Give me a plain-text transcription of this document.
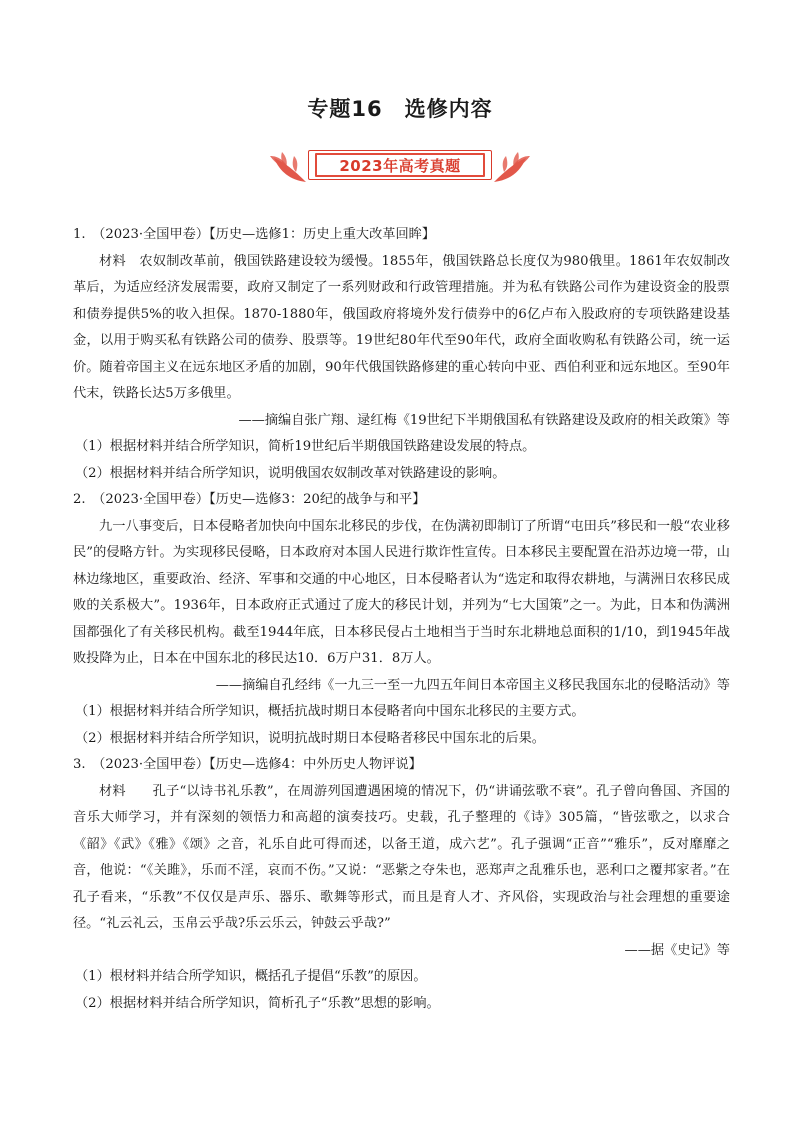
专题16　选修内容
2023年高考真题

1.　（2023·全国甲卷）【历史—选修1：历史上重大改革回眸】

材料　农奴制改革前，俄国铁路建设较为缓慢。1855年，俄国铁路总长度仅为980俄里。1861年农奴制改革后，为适应经济发展需要，政府又制定了一系列财政和行政管理措施。并为私有铁路公司作为建设资金的股票和债券提供5%的收入担保。1870-1880年，俄国政府将境外发行债券中的6亿卢布入股政府的专项铁路建设基金，以用于购买私有铁路公司的债券、股票等。19世纪80年代至90年代，政府全面收购私有铁路公司，统一运价。随着帝国主义在远东地区矛盾的加剧，90年代俄国铁路修建的重心转向中亚、西伯利亚和远东地区。至90年代末，铁路长达5万多俄里。

——摘编自张广翔、逯红梅《19世纪下半期俄国私有铁路建设及政府的相关政策》等

（1）根据材料并结合所学知识，简析19世纪后半期俄国铁路建设发展的特点。

（2）根据材料并结合所学知识，说明俄国农奴制改革对铁路建设的影响。

2.　（2023·全国甲卷）【历史—选修3：20纪的战争与和平】

九一八事变后，日本侵略者加快向中国东北移民的步伐，在伪满初即制订了所谓“屯田兵”移民和一般“农业移民”的侵略方针。为实现移民侵略，日本政府对本国人民进行欺诈性宣传。日本移民主要配置在沿苏边境一带，山林边缘地区，重要政治、经济、军事和交通的中心地区，日本侵略者认为“选定和取得农耕地，与满洲日农移民成败的关系极大”。1936年，日本政府正式通过了庞大的移民计划，并列为“七大国策”之一。为此，日本和伪满洲国都强化了有关移民机构。截至1944年底，日本移民侵占土地相当于当时东北耕地总面积的1/10，到1945年战败投降为止，日本在中国东北的移民达10．6万户31．8万人。

——摘编自孔经纬《一九三一至一九四五年间日本帝国主义移民我国东北的侵略活动》等

（1）根据材料并结合所学知识，概括抗战时期日本侵略者向中国东北移民的主要方式。

（2）根据材料并结合所学知识，说明抗战时期日本侵略者移民中国东北的后果。

3.　（2023·全国甲卷）【历史—选修4：中外历史人物评说】

材料　　孔子“以诗书礼乐教”，在周游列国遭遇困境的情况下，仍“讲诵弦歌不衰”。孔子曾向鲁国、齐国的音乐大师学习，并有深刻的领悟力和高超的演奏技巧。史载，孔子整理的《诗》305篇，“皆弦歌之，以求合《韶》《武》《雅》《颂》之音，礼乐自此可得而述，以备王道，成六艺”。孔子强调“正音”“雅乐”，反对靡靡之音，他说：“《关雎》，乐而不淫，哀而不伤。”又说：“恶紫之夺朱也，恶郑声之乱雅乐也，恶利口之覆邦家者。”在孔子看来，“乐教”不仅仅是声乐、器乐、歌舞等形式，而且是育人才、齐风俗，实现政治与社会理想的重要途径。“礼云礼云，玉帛云乎哉?乐云乐云，钟鼓云乎哉?”

——据《史记》等

（1）根材料并结合所学知识，概括孔子提倡“乐教”的原因。

（2）根据材料并结合所学知识，简析孔子“乐教”思想的影响。
